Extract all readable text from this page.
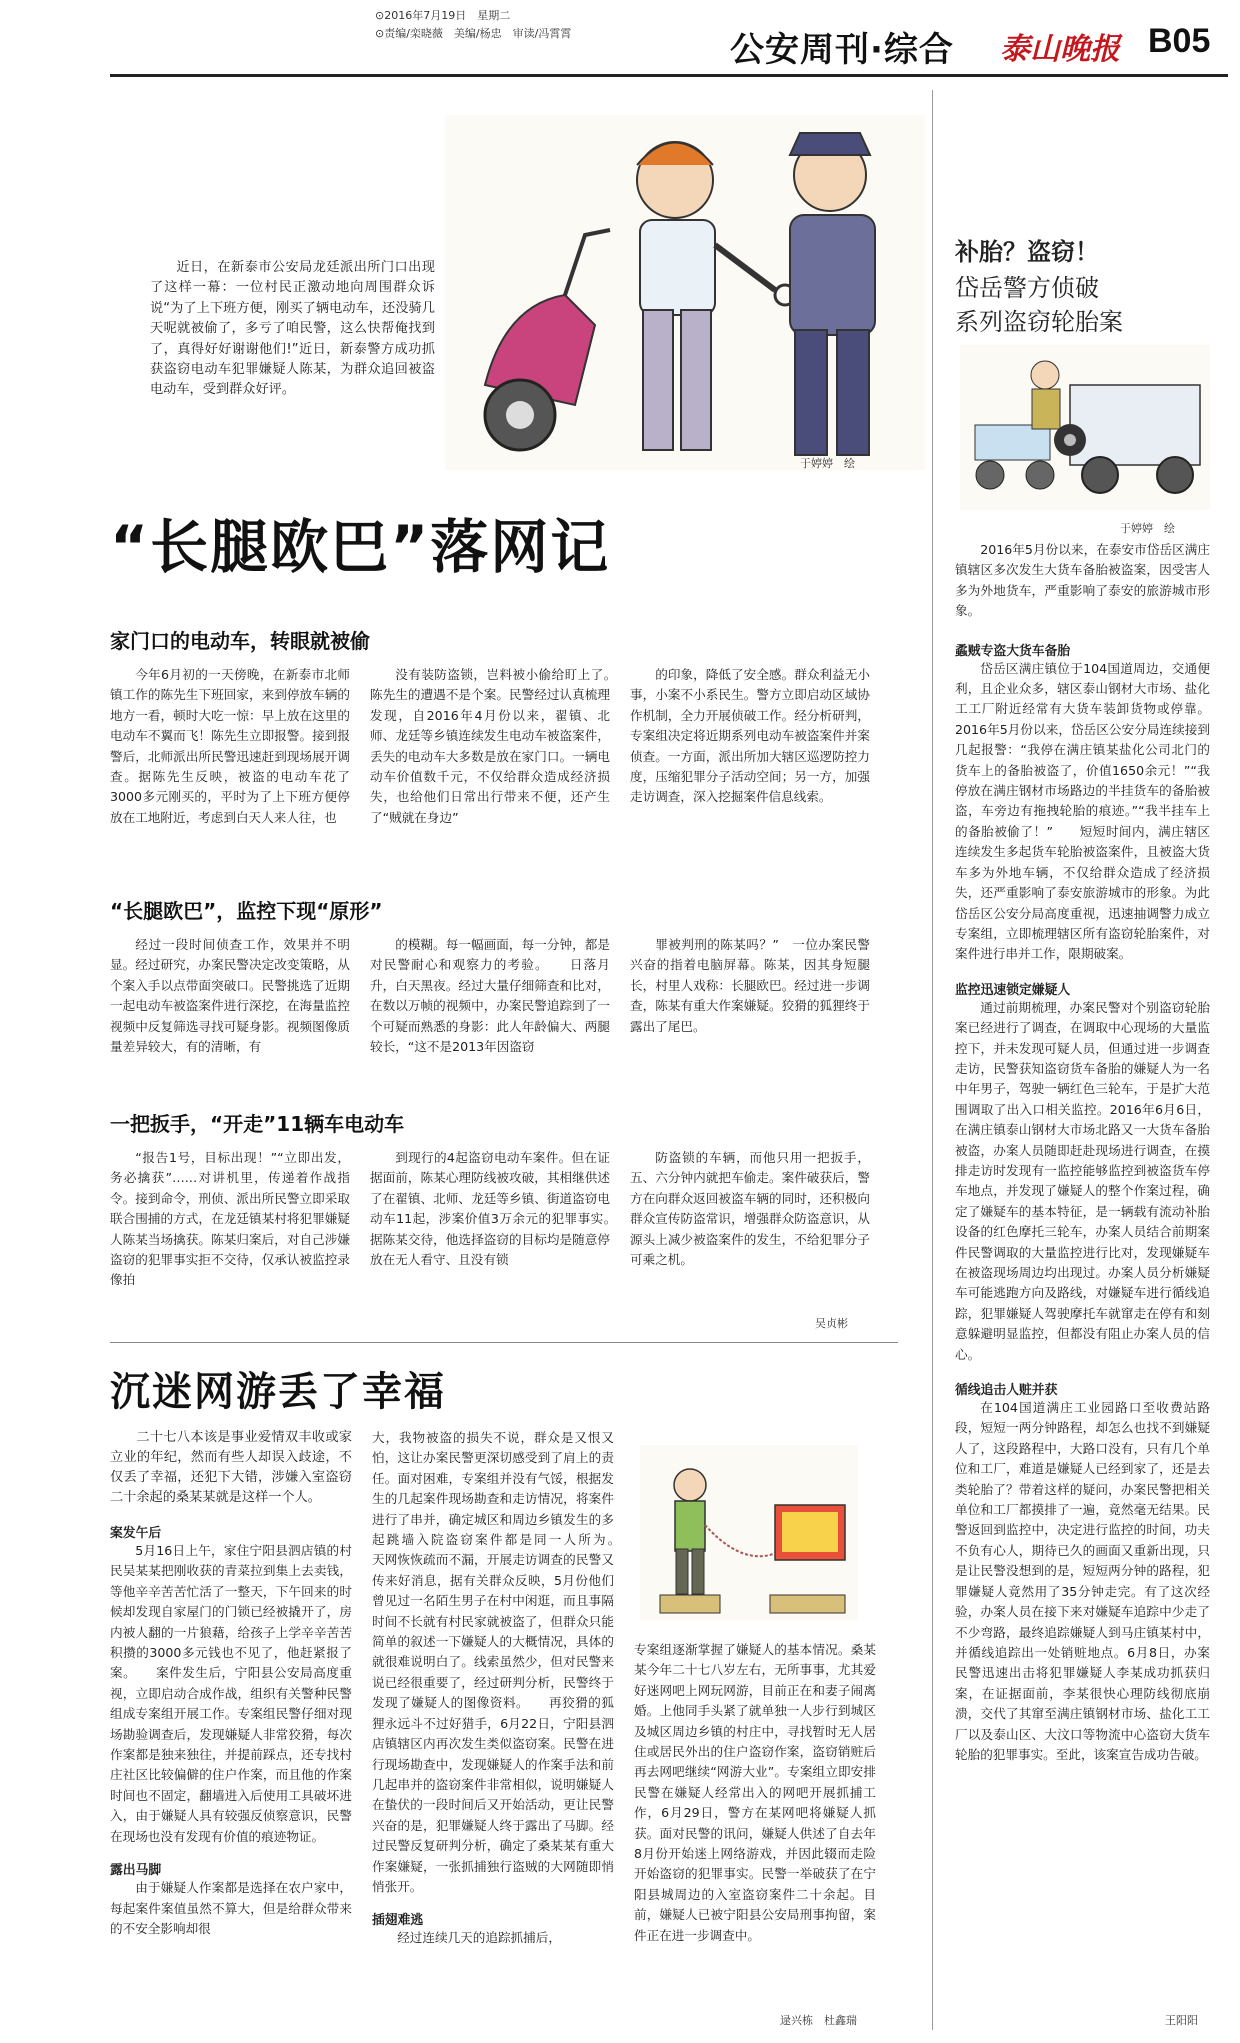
⊙2016年7月19日　星期二
⊙责编/栾晓薇　美编/杨忠　审读/冯霄霄	公安周刊·综合 泰山晚报 B05
近日，在新泰市公安局龙廷派出所门口出现了这样一幕：一位村民正激动地向周围群众诉说“为了上下班方便，刚买了辆电动车，还没骑几天呢就被偷了，多亏了咱民警，这么快帮俺找到了，真得好好谢谢他们!”近日，新泰警方成功抓获盗窃电动车犯罪嫌疑人陈某，为群众追回被盗电动车，受到群众好评。
于婷婷　绘
“长腿欧巴”落网记
家门口的电动车，转眼就被偷

今年6月初的一天傍晚，在新泰市北师镇工作的陈先生下班回家，来到停放车辆的地方一看，顿时大吃一惊：早上放在这里的电动车不翼而飞！陈先生立即报警。接到报警后，北师派出所民警迅速赶到现场展开调查。据陈先生反映，被盗的电动车花了3000多元刚买的，平时为了上下班方便停放在工地附近，考虑到白天人来人往，也

没有装防盗锁，岂料被小偷给盯上了。　　陈先生的遭遇不是个案。民警经过认真梳理发现，自2016年4月份以来，翟镇、北师、龙廷等乡镇连续发生电动车被盗案件，丢失的电动车大多数是放在家门口。一辆电动车价值数千元，不仅给群众造成经济损失，也给他们日常出行带来不便，还产生了“贼就在身边”

的印象，降低了安全感。群众利益无小事，小案不小系民生。警方立即启动区域协作机制，全力开展侦破工作。经分析研判，专案组决定将近期系列电动车被盗案件并案侦查。一方面，派出所加大辖区巡逻防控力度，压缩犯罪分子活动空间；另一方，加强走访调查，深入挖掘案件信息线索。

“长腿欧巴”，监控下现“原形”

经过一段时间侦查工作，效果并不明显。经过研究，办案民警决定改变策略，从个案入手以点带面突破口。民警挑选了近期一起电动车被盗案件进行深挖，在海量监控视频中反复筛选寻找可疑身影。视频图像质量差异较大，有的清晰，有

的模糊。每一幅画面，每一分钟，都是对民警耐心和观察力的考验。　　日落月升，白天黑夜。经过大量仔细筛查和比对，在数以万帧的视频中，办案民警追踪到了一个可疑而熟悉的身影：此人年龄偏大、两腿较长，“这不是2013年因盗窃

罪被判刑的陈某吗？”　一位办案民警兴奋的指着电脑屏幕。陈某，因其身短腿长，村里人戏称：长腿欧巴。经过进一步调查，陈某有重大作案嫌疑。狡猾的狐狸终于露出了尾巴。

一把扳手，“开走”11辆车电动车

“报告1号，目标出现！”“立即出发，务必擒获”……对讲机里，传递着作战指令。接到命令，刑侦、派出所民警立即采取联合围捕的方式，在龙廷镇某村将犯罪嫌疑人陈某当场擒获。陈某归案后，对自己涉嫌盗窃的犯罪事实拒不交待，仅承认被监控录像拍

到现行的4起盗窃电动车案件。但在证据面前，陈某心理防线被攻破，其相继供述了在翟镇、北师、龙廷等乡镇、街道盗窃电动车11起，涉案价值3万余元的犯罪事实。　　据陈某交待，他选择盗窃的目标均是随意停放在无人看守、且没有锁

防盗锁的车辆，而他只用一把扳手，五、六分钟内就把车偷走。案件破获后，警方在向群众返回被盗车辆的同时，还积极向群众宣传防盗常识，增强群众防盗意识，从源头上减少被盗案件的发生，不给犯罪分子可乘之机。

吴贞彬
沉迷网游丢了幸福

二十七八本该是事业爱情双丰收或家立业的年纪，然而有些人却误入歧途，不仅丢了幸福，还犯下大错，涉嫌入室盗窃二十余起的桑某某就是这样一个人。

案发午后

5月16日上午，家住宁阳县泗店镇的村民吴某某把刚收获的青菜拉到集上去卖钱，等他辛辛苦苦忙活了一整天，下午回来的时候却发现自家屋门的门锁已经被撬开了，房内被人翻的一片狼藉，给孩子上学辛辛苦苦积攒的3000多元钱也不见了，他赶紧报了案。　　案件发生后，宁阳县公安局高度重视，立即启动合成作战，组织有关警种民警组成专案组开展工作。专案组民警仔细对现场勘验调查后，发现嫌疑人非常狡猾，每次作案都是独来独往，并提前踩点，还专找村庄社区比较偏僻的住户作案，而且他的作案时间也不固定，翻墙进入后使用工具破坏进入，由于嫌疑人具有较强反侦察意识，民警在现场也没有发现有价值的痕迹物证。

露出马脚

由于嫌疑人作案都是选择在农户家中，每起案件案值虽然不算大，但是给群众带来的不安全影响却很

大，我物被盗的损失不说，群众是又恨又怕，这让办案民警更深切感受到了肩上的责任。面对困难，专案组并没有气馁，根据发生的几起案件现场勘查和走访情况，将案件进行了串并，确定城区和周边乡镇发生的多起跳墙入院盗窃案件都是同一人所为。　　天网恢恢疏而不漏，开展走访调查的民警又传来好消息，据有关群众反映，5月份他们曾见过一名陌生男子在村中闲逛，而且事隔时间不长就有村民家就被盗了，但群众只能简单的叙述一下嫌疑人的大概情况，具体的就很难说明白了。线索虽然少，但对民警来说已经很重要了，经过研判分析，民警终于发现了嫌疑人的图像资料。　　再狡猾的狐狸永远斗不过好猎手，6月22日，宁阳县泗店镇辖区内再次发生类似盗窃案。民警在进行现场勘查中，发现嫌疑人的作案手法和前几起串并的盗窃案件非常相似，说明嫌疑人在蛰伏的一段时间后又开始活动，更让民警兴奋的是，犯罪嫌疑人终于露出了马脚。经过民警反复研判分析，确定了桑某某有重大作案嫌疑，一张抓捕独行盗贼的大网随即悄悄张开。

插翅难逃

经过连续几天的追踪抓捕后，

专案组逐渐掌握了嫌疑人的基本情况。桑某某今年二十七八岁左右，无所事事，尤其爱好迷网吧上网玩网游，目前正在和妻子闹离婚。上他同手头紧了就单独一人步行到城区及城区周边乡镇的村庄中，寻找暂时无人居住或居民外出的住户盗窃作案，盗窃销赃后再去网吧继续“网游大业”。专案组立即安排民警在嫌疑人经常出入的网吧开展抓捕工作，6月29日，警方在某网吧将嫌疑人抓获。面对民警的讯问，嫌疑人供述了自去年8月份开始迷上网络游戏，并因此辍而走险开始盗窃的犯罪事实。民警一举破获了在宁阳县城周边的入室盗窃案件二十余起。目前，嫌疑人已被宁阳县公安局刑事拘留，案件正在进一步调查中。

逯兴栋　杜鑫瑞
补胎？盗窃！
岱岳警方侦破
系列盗窃轮胎案
于婷婷　绘

2016年5月份以来，在泰安市岱岳区满庄镇辖区多次发生大货车备胎被盗案，因受害人多为外地货车，严重影响了泰安的旅游城市形象。

蟊贼专盗大货车备胎

岱岳区满庄镇位于104国道周边，交通便利，且企业众多，辖区泰山钢材大市场、盐化工工厂附近经常有大货车装卸货物或停靠。2016年5月份以来，岱岳区公安分局连续接到几起报警：“我停在满庄镇某盐化公司北门的货车上的备胎被盗了，价值1650余元！”“我停放在满庄钢材市场路边的半挂货车的备胎被盗，车旁边有拖拽轮胎的痕迹。”“我半挂车上的备胎被偷了！”　　短短时间内，满庄辖区连续发生多起货车轮胎被盗案件，且被盗大货车多为外地车辆，不仅给群众造成了经济损失，还严重影响了泰安旅游城市的形象。为此岱岳区公安分局高度重视，迅速抽调警力成立专案组，立即梳理辖区所有盗窃轮胎案件，对案件进行串并工作，限期破案。

监控迅速锁定嫌疑人

通过前期梳理，办案民警对个别盗窃轮胎案已经进行了调查，在调取中心现场的大量监控下，并未发现可疑人员，但通过进一步调查走访，民警获知盗窃货车备胎的嫌疑人为一名中年男子，驾驶一辆红色三轮车，于是扩大范围调取了出入口相关监控。2016年6月6日，在满庄镇泰山钢材大市场北路又一大货车备胎被盗，办案人员随即赶赴现场进行调查，在摸排走访时发现有一监控能够监控到被盗货车停车地点，并发现了嫌疑人的整个作案过程，确定了嫌疑车的基本特征，是一辆载有流动补胎设备的红色摩托三轮车，办案人员结合前期案件民警调取的大量监控进行比对，发现嫌疑车在被盗现场周边均出现过。办案人员分析嫌疑车可能逃跑方向及路线，对嫌疑车进行循线追踪，犯罪嫌疑人驾驶摩托车就窜走在停有和刻意躲避明显监控，但都没有阻止办案人员的信心。

循线追击人赃并获

在104国道满庄工业园路口至收费站路段，短短一两分钟路程，却怎么也找不到嫌疑人了，这段路程中，大路口没有，只有几个单位和工厂，难道是嫌疑人已经到家了，还是去类轮胎了？带着这样的疑问，办案民警把相关单位和工厂都摸排了一遍，竟然毫无结果。民警返回到监控中，决定进行监控的时间，功夫不负有心人，期待已久的画面又重新出现，只是让民警没想到的是，短短两分钟的路程，犯罪嫌疑人竟然用了35分钟走完。有了这次经验，办案人员在接下来对嫌疑车追踪中少走了不少弯路，最终追踪嫌疑人到马庄镇某村中，并循线追踪出一处销赃地点。6月8日，办案民警迅速出击将犯罪嫌疑人李某成功抓获归案，在证据面前，李某很快心理防线彻底崩溃，交代了其窜至满庄镇钢材市场、盐化工工厂以及泰山区、大汶口等物流中心盗窃大货车轮胎的犯罪事实。至此，该案宣告成功告破。

王阳阳
